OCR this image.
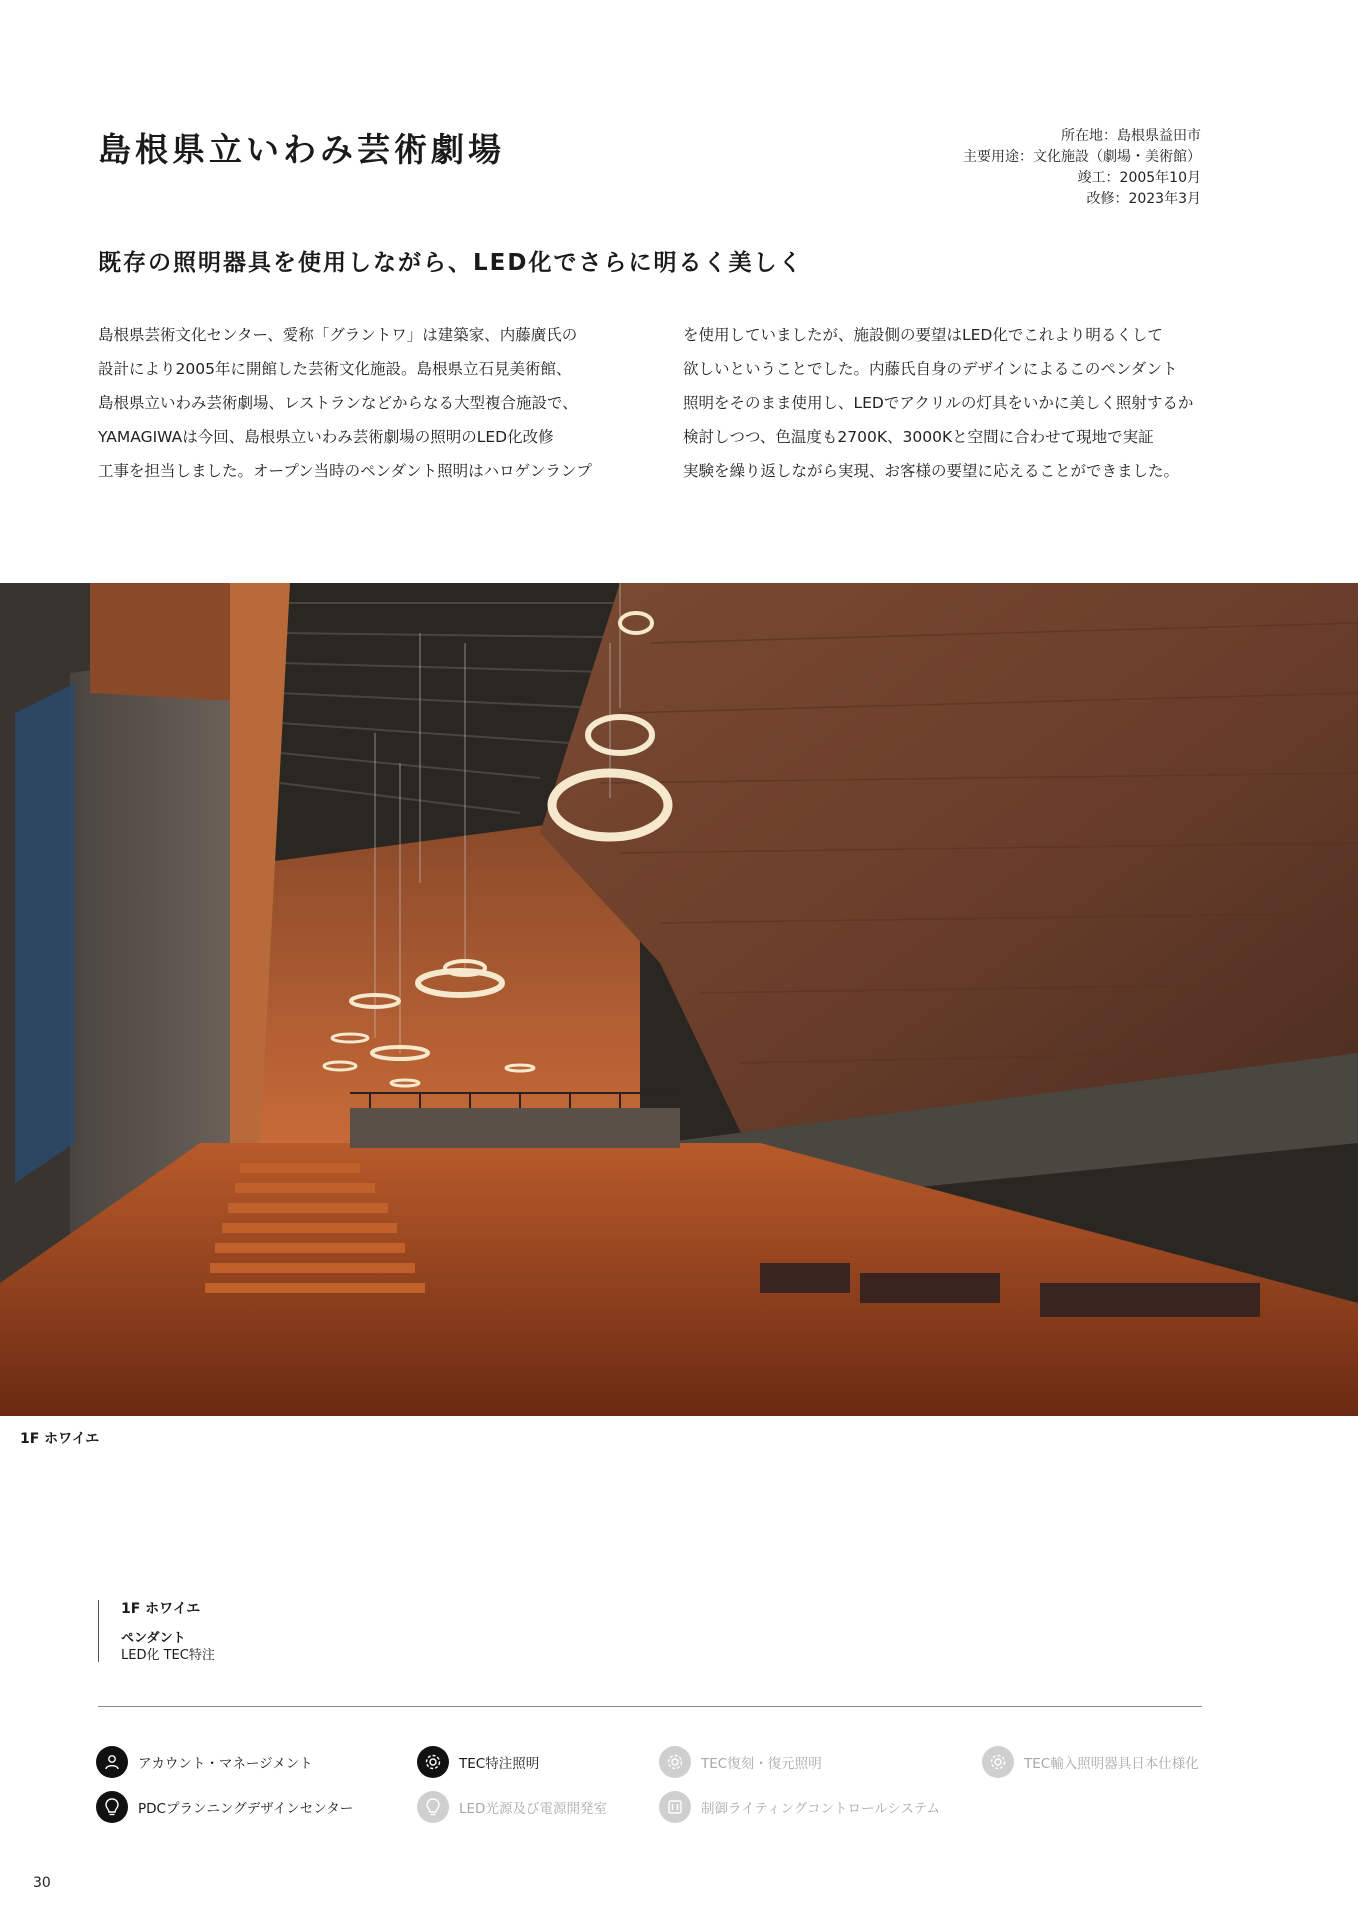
島根県立いわみ芸術劇場	所在地：島根県益田市
主要用途：文化施設（劇場・美術館）
竣工：2005年10月
改修：2023年3月
既存の照明器具を使用しながら、LED化でさらに明るく美しく
島根県芸術文化センター、愛称「グラントワ」は建築家、内藤廣氏の
設計により2005年に開館した芸術文化施設。島根県立石見美術館、
島根県立いわみ芸術劇場、レストランなどからなる大型複合施設で、
YAMAGIWAは今回、島根県立いわみ芸術劇場の照明のLED化改修
工事を担当しました。オープン当時のペンダント照明はハロゲンランプ
を使用していましたが、施設側の要望はLED化でこれより明るくして
欲しいということでした。内藤氏自身のデザインによるこのペンダント
照明をそのまま使用し、LEDでアクリルの灯具をいかに美しく照射するか
検討しつつ、色温度も2700K、3000Kと空間に合わせて現地で実証
実験を繰り返しながら実現、お客様の要望に応えることができました。
1F ホワイエ
1F ホワイエ
ペンダント
LED化 TEC特注
アカウント・マネージメント	TEC特注照明	TEC復刻・復元照明	TEC輸入照明器具日本仕様化
PDCプランニングデザインセンター	LED光源及び電源開発室	制御ライティングコントロールシステム
30
